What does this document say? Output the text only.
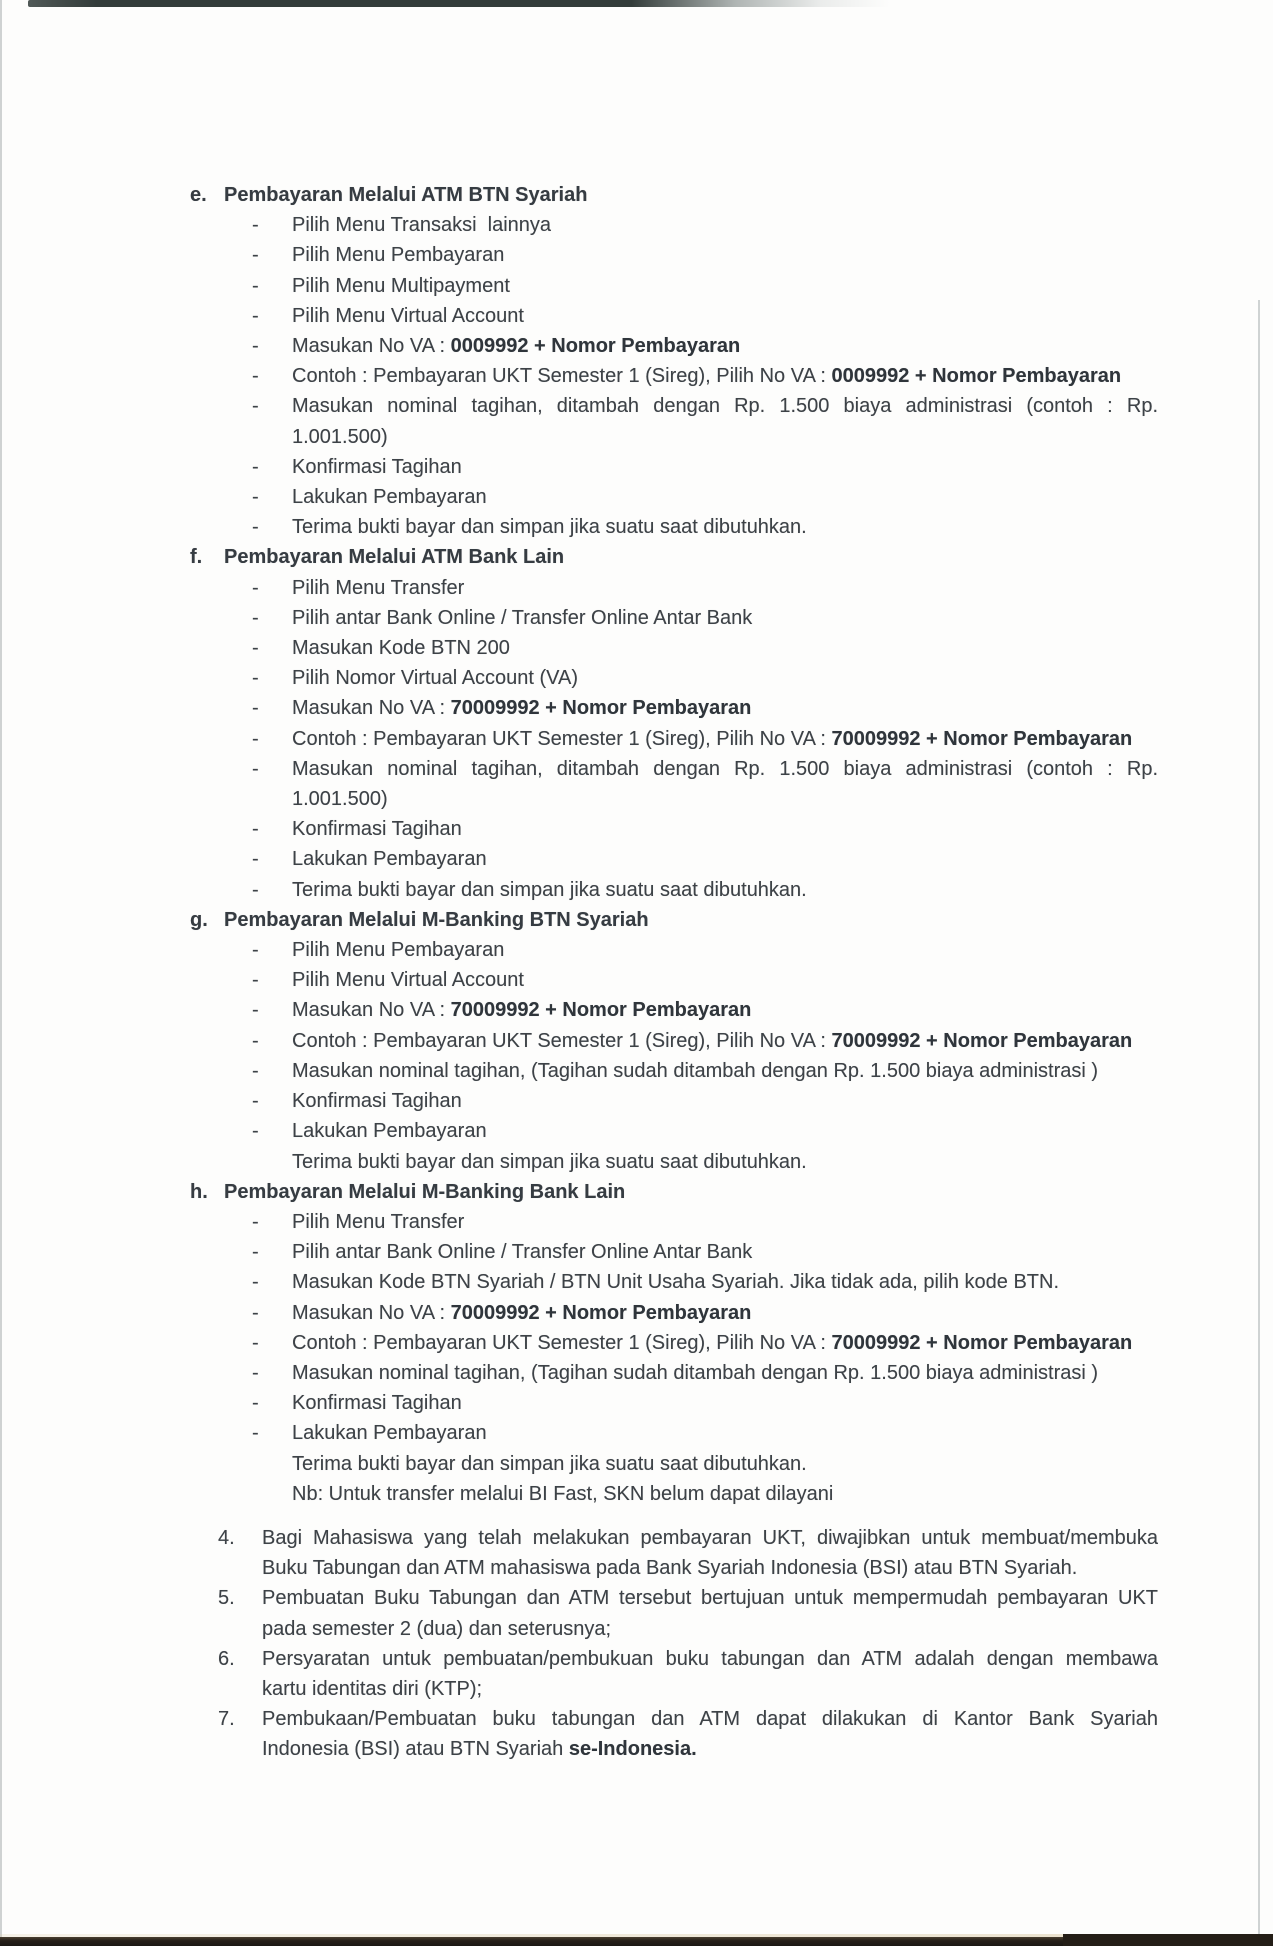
e. Pembayaran Melalui ATM BTN Syariah
-	Pilih Menu Transaksi  lainnya
-	Pilih Menu Pembayaran
-	Pilih Menu Multipayment
-	Pilih Menu Virtual Account
-	Masukan No VA : 0009992 + Nomor Pembayaran
-	Contoh : Pembayaran UKT Semester 1 (Sireg), Pilih No VA : 0009992 + Nomor Pembayaran
-	Masukan nominal tagihan, ditambah dengan Rp. 1.500 biaya administrasi (contoh : Rp.
1.001.500)
-	Konfirmasi Tagihan
-	Lakukan Pembayaran
-	Terima bukti bayar dan simpan jika suatu saat dibutuhkan.
f.	Pembayaran Melalui ATM Bank Lain
-	Pilih Menu Transfer
-	Pilih antar Bank Online / Transfer Online Antar Bank
-	Masukan Kode BTN 200
-	Pilih Nomor Virtual Account (VA)
-	Masukan No VA : 70009992 + Nomor Pembayaran
-	Contoh : Pembayaran UKT Semester 1 (Sireg), Pilih No VA : 70009992 + Nomor Pembayaran
-	Masukan nominal tagihan, ditambah dengan Rp. 1.500 biaya administrasi (contoh : Rp.
1.001.500)
-	Konfirmasi Tagihan
-	Lakukan Pembayaran
-	Terima bukti bayar dan simpan jika suatu saat dibutuhkan.
g. Pembayaran Melalui M-Banking BTN Syariah
-	Pilih Menu Pembayaran
-	Pilih Menu Virtual Account
-	Masukan No VA : 70009992 + Nomor Pembayaran
-	Contoh : Pembayaran UKT Semester 1 (Sireg), Pilih No VA : 70009992 + Nomor Pembayaran
-	Masukan nominal tagihan, (Tagihan sudah ditambah dengan Rp. 1.500 biaya administrasi )
-	Konfirmasi Tagihan
-	Lakukan Pembayaran
Terima bukti bayar dan simpan jika suatu saat dibutuhkan.
h. Pembayaran Melalui M-Banking Bank Lain
-	Pilih Menu Transfer
-	Pilih antar Bank Online / Transfer Online Antar Bank
-	Masukan Kode BTN Syariah / BTN Unit Usaha Syariah. Jika tidak ada, pilih kode BTN.
-	Masukan No VA : 70009992 + Nomor Pembayaran
-	Contoh : Pembayaran UKT Semester 1 (Sireg), Pilih No VA : 70009992 + Nomor Pembayaran
-	Masukan nominal tagihan, (Tagihan sudah ditambah dengan Rp. 1.500 biaya administrasi )
-	Konfirmasi Tagihan
-	Lakukan Pembayaran
Terima bukti bayar dan simpan jika suatu saat dibutuhkan.
Nb: Untuk transfer melalui BI Fast, SKN belum dapat dilayani
4.	Bagi Mahasiswa yang telah melakukan pembayaran UKT, diwajibkan untuk membuat/membuka
Buku Tabungan dan ATM mahasiswa pada Bank Syariah Indonesia (BSI) atau BTN Syariah.
5.	Pembuatan Buku Tabungan dan ATM tersebut bertujuan untuk mempermudah pembayaran UKT
pada semester 2 (dua) dan seterusnya;
6.	Persyaratan untuk pembuatan/pembukuan buku tabungan dan ATM adalah dengan membawa
kartu identitas diri (KTP);
7.	Pembukaan/Pembuatan buku tabungan dan ATM dapat dilakukan di Kantor Bank Syariah
Indonesia (BSI) atau BTN Syariah se-Indonesia.
